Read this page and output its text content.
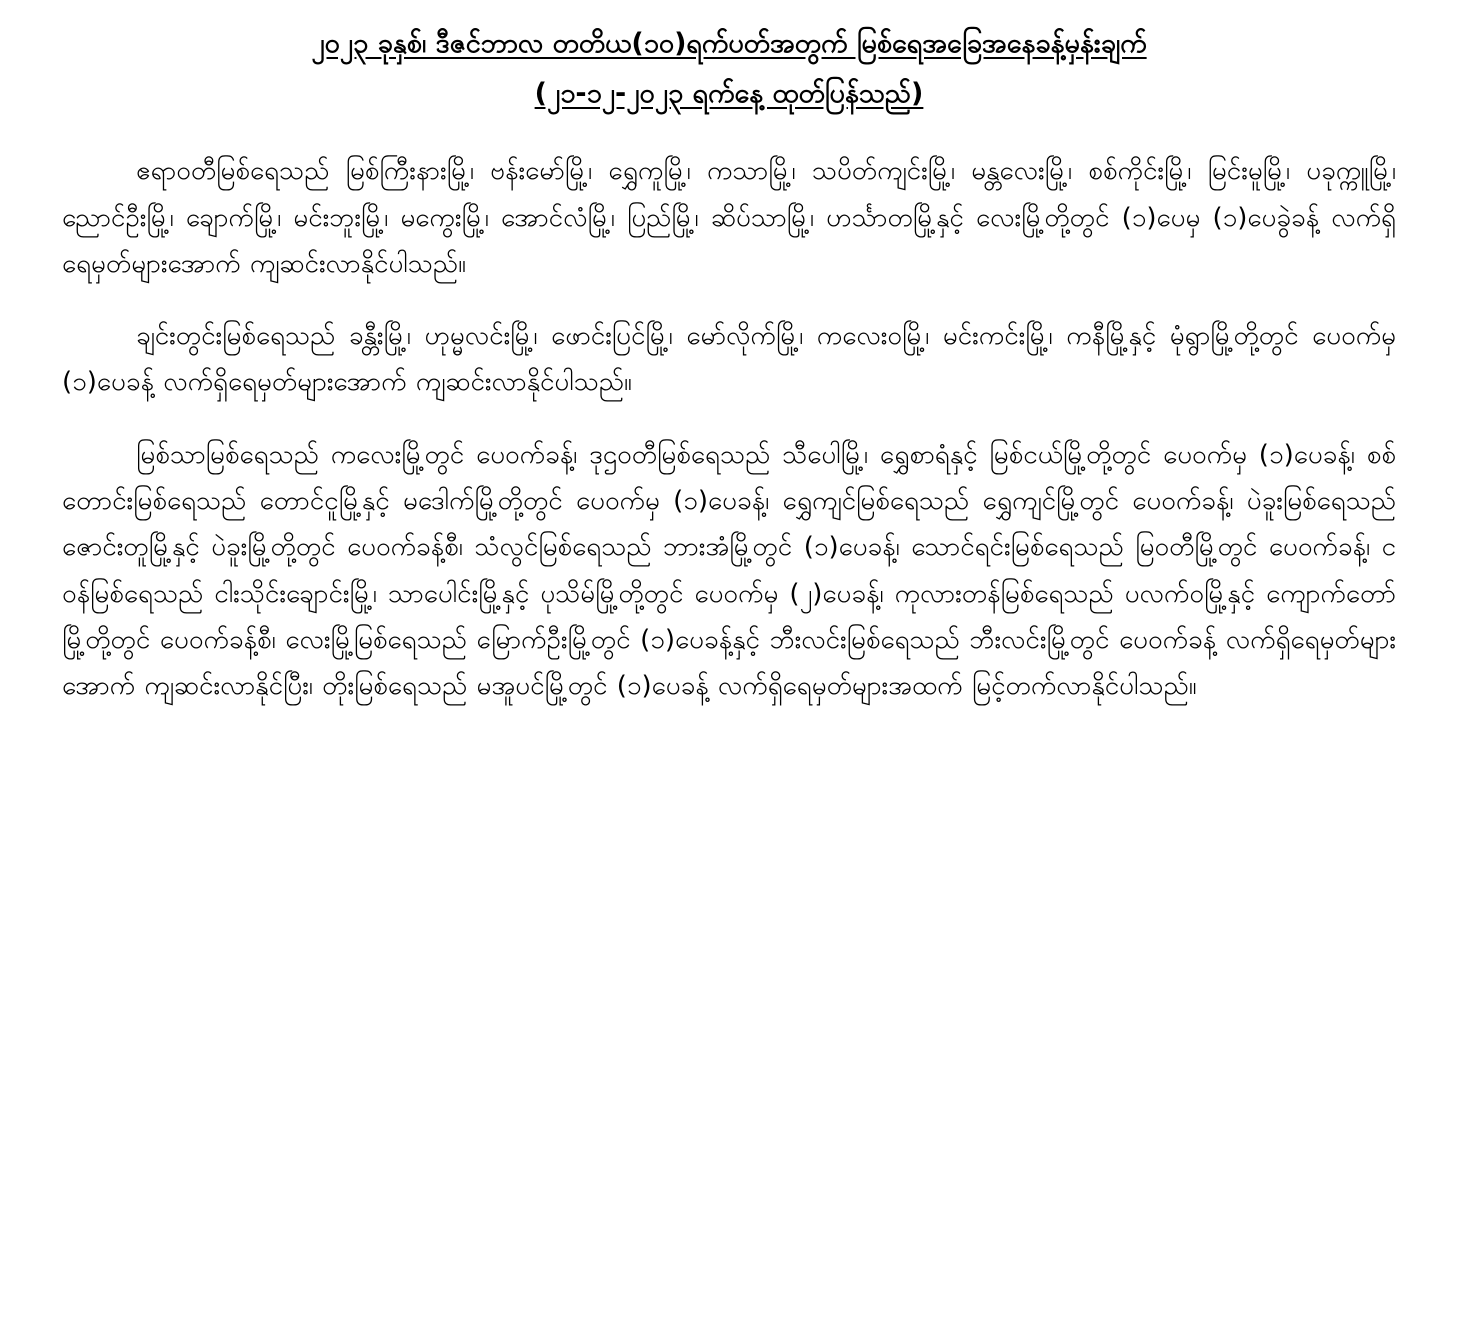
၂၀၂၃ ခုနှစ်၊ ဒီဇင်ဘာလ တတိယ(၁၀)ရက်ပတ်အတွက် မြစ်ရေအခြေအနေခန့်မှန်းချက်
(၂၁-၁၂-၂၀၂၃ ရက်နေ့ ထုတ်ပြန်သည်)

ဧရာဝတီမြစ်ရေသည် မြစ်ကြီးနားမြို့၊ ဗန်းမော်မြို့၊ ရွှေကူမြို့၊ ကသာမြို့၊ သပိတ်ကျင်းမြို့၊ မန္တလေးမြို့၊ စစ်ကိုင်းမြို့၊ မြင်းမူမြို့၊ ပခုက္ကူမြို့၊ ညောင်ဦးမြို့၊ ချောက်မြို့၊ မင်းဘူးမြို့၊ မကွေးမြို့၊ အောင်လံမြို့၊ ပြည်မြို့၊ ဆိပ်သာမြို့၊ ဟင်္သာတမြို့နှင့် လေးမြို့တို့တွင် (၁)ပေမှ (၁)ပေခွဲခန့် လက်ရှိရေမှတ်များအောက် ကျဆင်းလာနိုင်ပါသည်။

ချင်းတွင်းမြစ်ရေသည် ခန္တီးမြို့၊ ဟုမ္မလင်းမြို့၊ ဖောင်းပြင်မြို့၊ မော်လိုက်မြို့၊ ကလေးဝမြို့၊ မင်းကင်းမြို့၊ ကနီမြို့နှင့် မုံရွာမြို့တို့တွင် ပေဝက်မှ (၁)ပေခန့် လက်ရှိရေမှတ်များအောက် ကျဆင်းလာနိုင်ပါသည်။

မြစ်သာမြစ်ရေသည် ကလေးမြို့တွင် ပေဝက်ခန့်၊ ဒုဌဝတီမြစ်ရေသည် သီပေါမြို့၊ ရွှေစာရံနှင့် မြစ်ငယ်မြို့တို့တွင် ပေဝက်မှ (၁)ပေခန့်၊ စစ်တောင်းမြစ်ရေသည် တောင်ငူမြို့နှင့် မဒေါက်မြို့တို့တွင် ပေဝက်မှ (၁)ပေခန့်၊ ရွှေကျင်မြစ်ရေသည် ရွှေကျင်မြို့တွင် ပေဝက်ခန့်၊ ပဲခူးမြစ်ရေသည် ဇောင်းတူမြို့နှင့် ပဲခူးမြို့တို့တွင် ပေဝက်ခန့်စီ၊ သံလွင်မြစ်ရေသည် ဘားအံမြို့တွင် (၁)ပေခန့်၊ သောင်ရင်းမြစ်ရေသည် မြဝတီမြို့တွင် ပေဝက်ခန့်၊ ငဝန်မြစ်ရေသည် ငါးသိုင်းချောင်းမြို့၊ သာပေါင်းမြို့နှင့် ပုသိမ်မြို့တို့တွင် ပေဝက်မှ (၂)ပေခန့်၊ ကုလားတန်မြစ်ရေသည် ပလက်ဝမြို့နှင့် ကျောက်တော်မြို့တို့တွင် ပေဝက်ခန့်စီ၊ လေးမြို့မြစ်ရေသည် မြောက်ဦးမြို့တွင် (၁)ပေခန့်နှင့် ဘီးလင်းမြစ်ရေသည် ဘီးလင်းမြို့တွင် ပေဝက်ခန့် လက်ရှိရေမှတ်များအောက် ကျဆင်းလာနိုင်ပြီး၊ တိုးမြစ်ရေသည် မအူပင်မြို့တွင် (၁)ပေခန့် လက်ရှိရေမှတ်များအထက် မြင့်တက်လာနိုင်ပါသည်။
